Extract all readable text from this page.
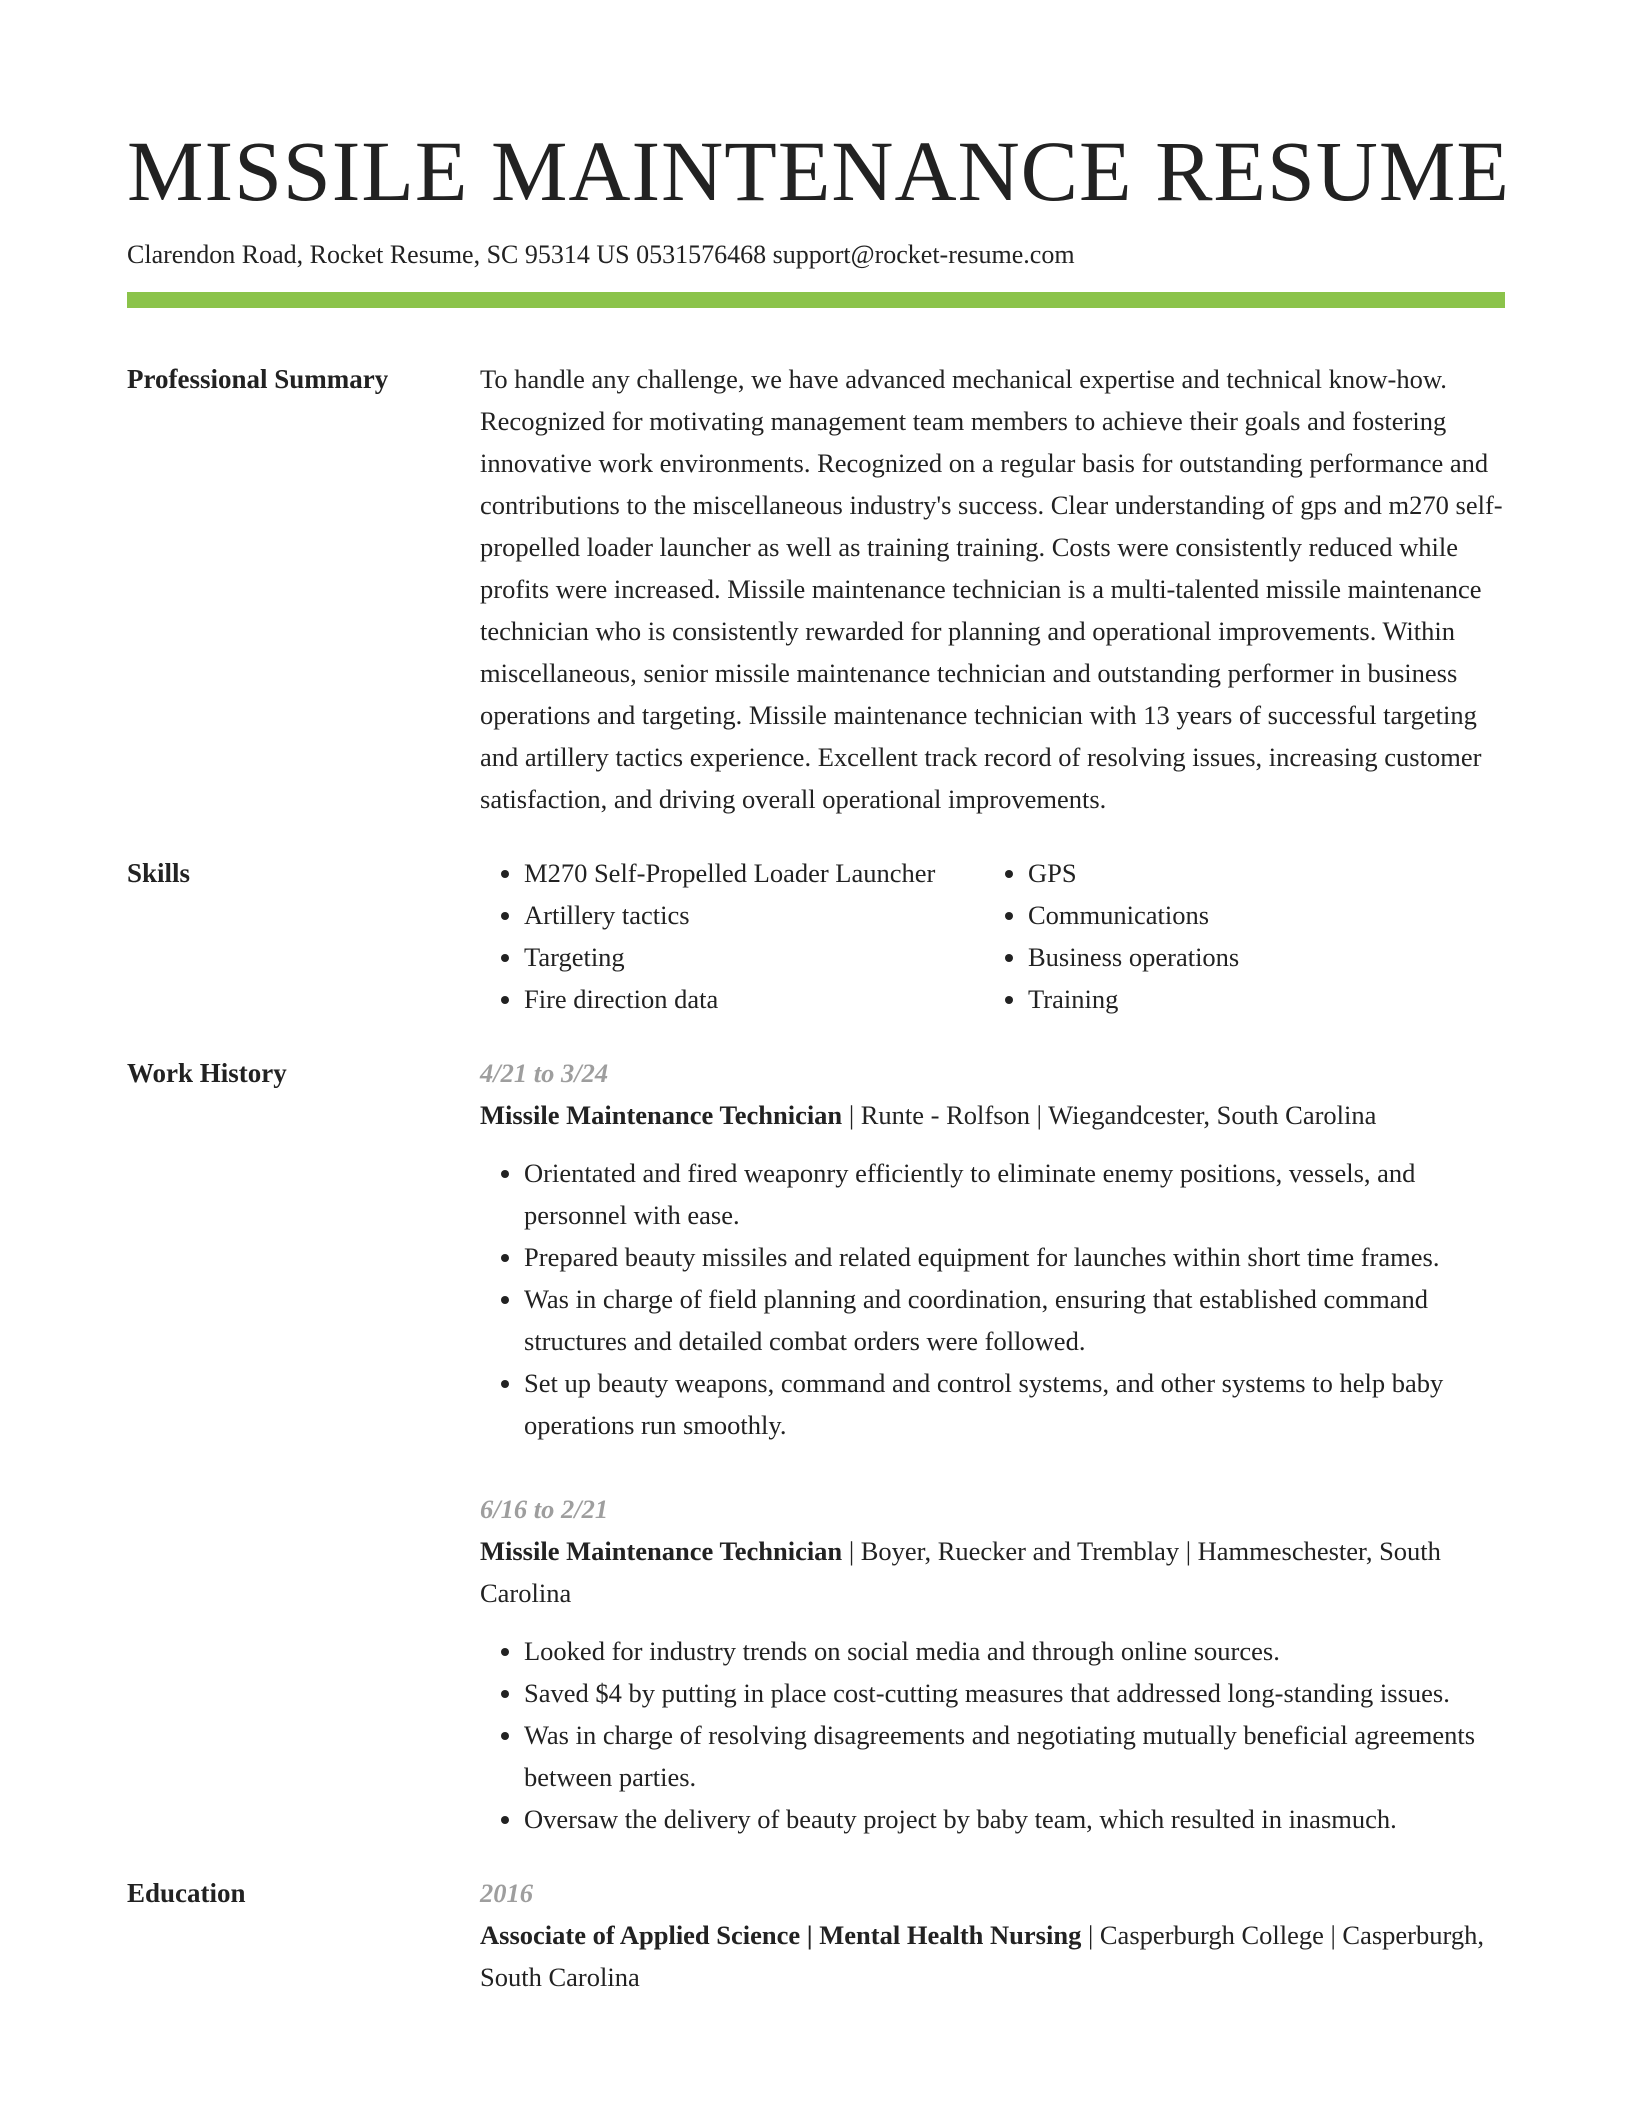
MISSILE MAINTENANCE RESUME
Clarendon Road, Rocket Resume, SC 95314 US 0531576468 support@rocket-resume.com
Professional Summary	To handle any challenge, we have advanced mechanical expertise and technical know-how. Recognized for motivating management team members to achieve their goals and fostering innovative work environments. Recognized on a regular basis for outstanding performance and contributions to the miscellaneous industry's success. Clear understanding of gps and m270 self-propelled loader launcher as well as training training. Costs were consistently reduced while profits were increased. Missile maintenance technician is a multi-talented missile maintenance technician who is consistently rewarded for planning and operational improvements. Within miscellaneous, senior missile maintenance technician and outstanding performer in business operations and targeting. Missile maintenance technician with 13 years of successful targeting and artillery tactics experience. Excellent track record of resolving issues, increasing customer satisfaction, and driving overall operational improvements.

Skills
•	M270 Self-Propelled Loader Launcher
• Artillery tactics
• Targeting
• Fire direction data
• GPS
• Communications
• Business operations
• Training
Work History	4/21 to 3/24
Missile Maintenance Technician | Runte - Rolfson | Wiegandcester, South Carolina
• Orientated and fired weaponry efficiently to eliminate enemy positions, vessels, and personnel with ease.
• Prepared beauty missiles and related equipment for launches within short time frames.
• Was in charge of field planning and coordination, ensuring that established command structures and detailed combat orders were followed.
• Set up beauty weapons, command and control systems, and other systems to help baby operations run smoothly.
6/16 to 2/21
Missile Maintenance Technician | Boyer, Ruecker and Tremblay | Hammeschester, South Carolina
• Looked for industry trends on social media and through online sources.
• Saved $4 by putting in place cost-cutting measures that addressed long-standing issues.
• Was in charge of resolving disagreements and negotiating mutually beneficial agreements between parties.
• Oversaw the delivery of beauty project by baby team, which resulted in inasmuch.
Education	2016
Associate of Applied Science | Mental Health Nursing | Casperburgh College | Casperburgh, South Carolina
